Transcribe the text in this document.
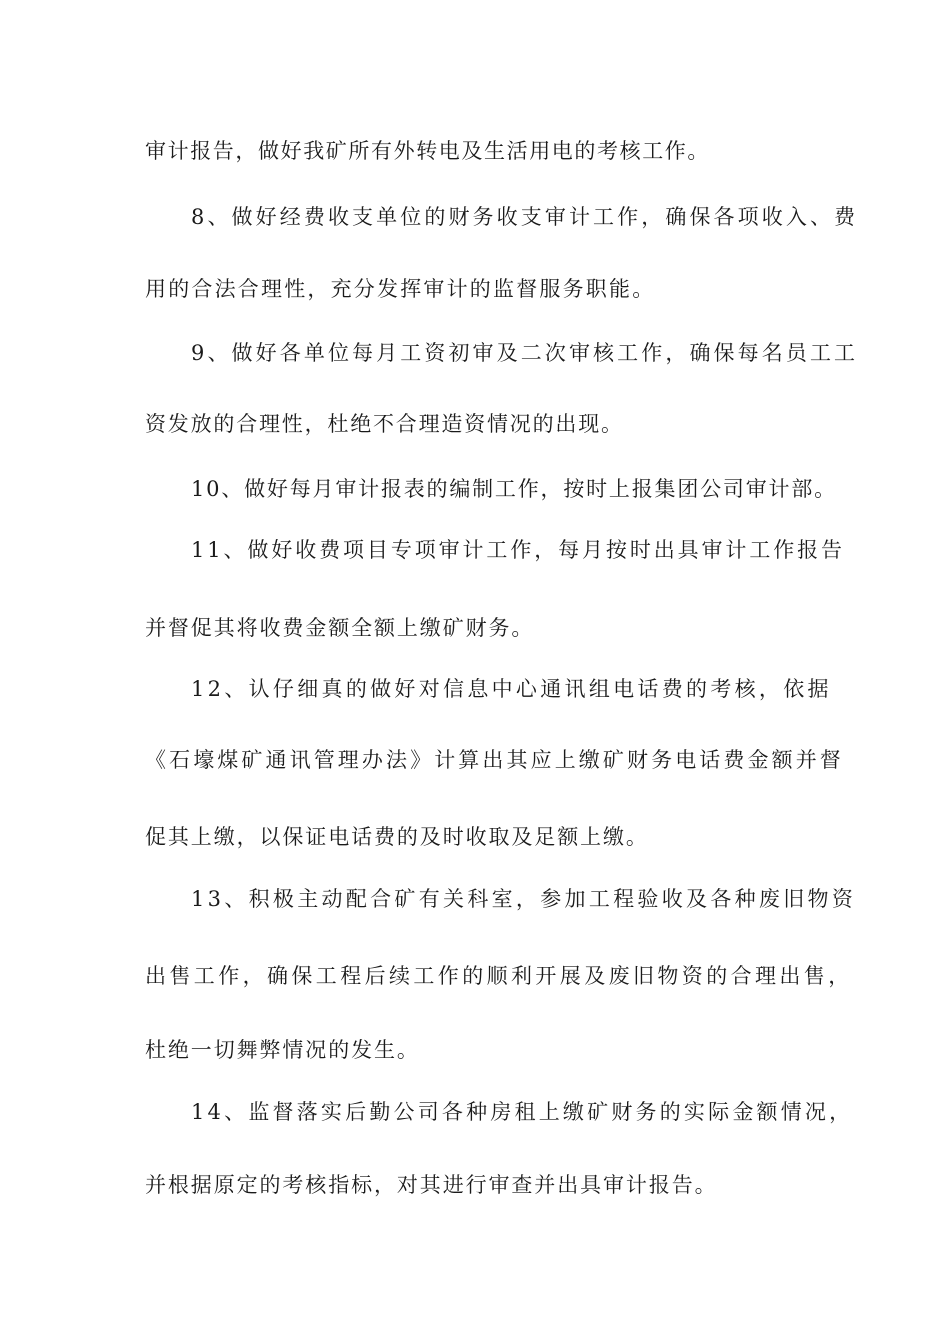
审计报告，做好我矿所有外转电及生活用电的考核工作。
8、做好经费收支单位的财务收支审计工作，确保各项收入、费
用的合法合理性，充分发挥审计的监督服务职能。
9、做好各单位每月工资初审及二次审核工作，确保每名员工工
资发放的合理性，杜绝不合理造资情况的出现。
10、做好每月审计报表的编制工作，按时上报集团公司审计部。
11、做好收费项目专项审计工作，每月按时出具审计工作报告
并督促其将收费金额全额上缴矿财务。
12、认仔细真的做好对信息中心通讯组电话费的考核，依据
《石壕煤矿通讯管理办法》计算出其应上缴矿财务电话费金额并督
促其上缴，以保证电话费的及时收取及足额上缴。
13、积极主动配合矿有关科室，参加工程验收及各种废旧物资
出售工作，确保工程后续工作的顺利开展及废旧物资的合理出售，
杜绝一切舞弊情况的发生。
14、监督落实后勤公司各种房租上缴矿财务的实际金额情况，
并根据原定的考核指标，对其进行审查并出具审计报告。
